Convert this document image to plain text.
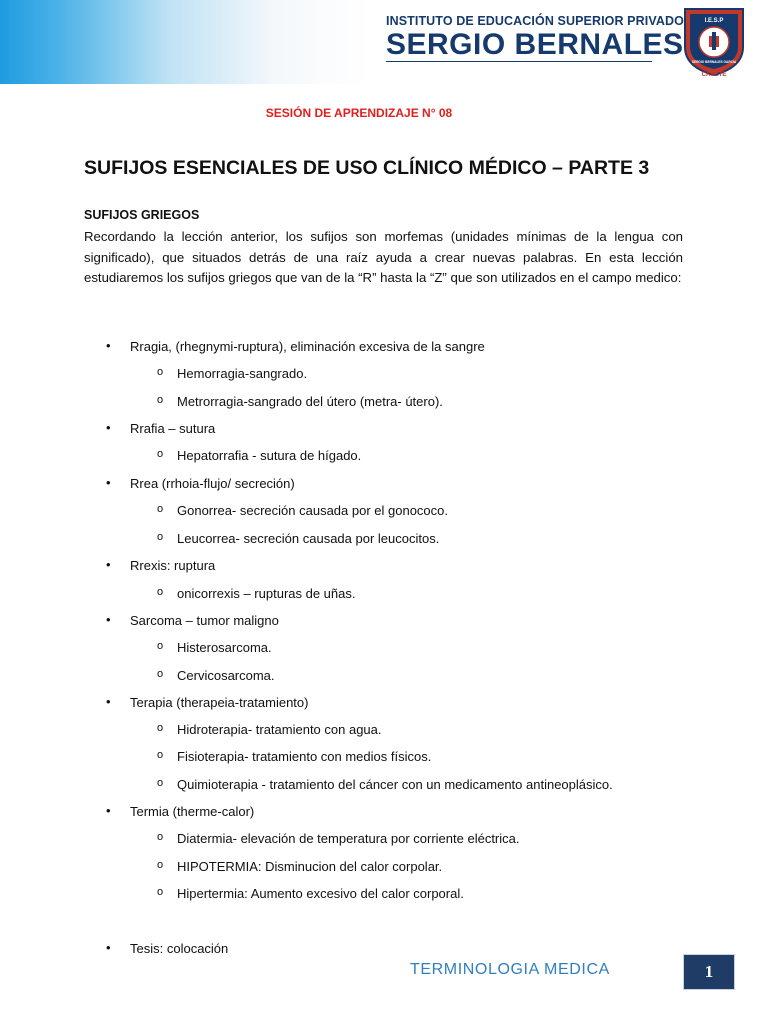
INSTITUTO DE EDUCACIÓN SUPERIOR PRIVADO
SERGIO BERNALES
I.E.S.P
SERGIO BERNALES GARCIA
CAÑETE
SESIÓN DE APRENDIZAJE N° 08
SUFIJOS ESENCIALES DE USO CLÍNICO MÉDICO – PARTE 3
SUFIJOS GRIEGOS

Recordando la lección anterior, los sufijos son morfemas (unidades mínimas de la lengua con significado), que situados detrás de una raíz ayuda a crear nuevas palabras. En esta lección estudiaremos los sufijos griegos que van de la “R” hasta la “Z” que son utilizados en el campo medico:

• Rragia, (rhegnymi-ruptura), eliminación excesiva de la sangre
o Hemorragia-sangrado.
o Metrorragia-sangrado del útero (metra- útero).
• Rrafia – sutura
o Hepatorrafia - sutura de hígado.
• Rrea (rrhoia-flujo/ secreción)
o Gonorrea- secreción causada por el gonococo.
o Leucorrea- secreción causada por leucocitos.
• Rrexis: ruptura
o onicorrexis – rupturas de uñas.
• Sarcoma – tumor maligno
o Histerosarcoma.
o Cervicosarcoma.
• Terapia (therapeia-tratamiento)
o Hidroterapia- tratamiento con agua.
o Fisioterapia- tratamiento con medios físicos.
o Quimioterapia - tratamiento del cáncer con un medicamento antineoplásico.
• Termia (therme-calor)
o Diatermia- elevación de temperatura por corriente eléctrica.
o HIPOTERMIA: Disminucion del calor corpolar.
o Hipertermia: Aumento excesivo del calor corporal.
• Tesis: colocación
TERMINOLOGIA MEDICA	1
